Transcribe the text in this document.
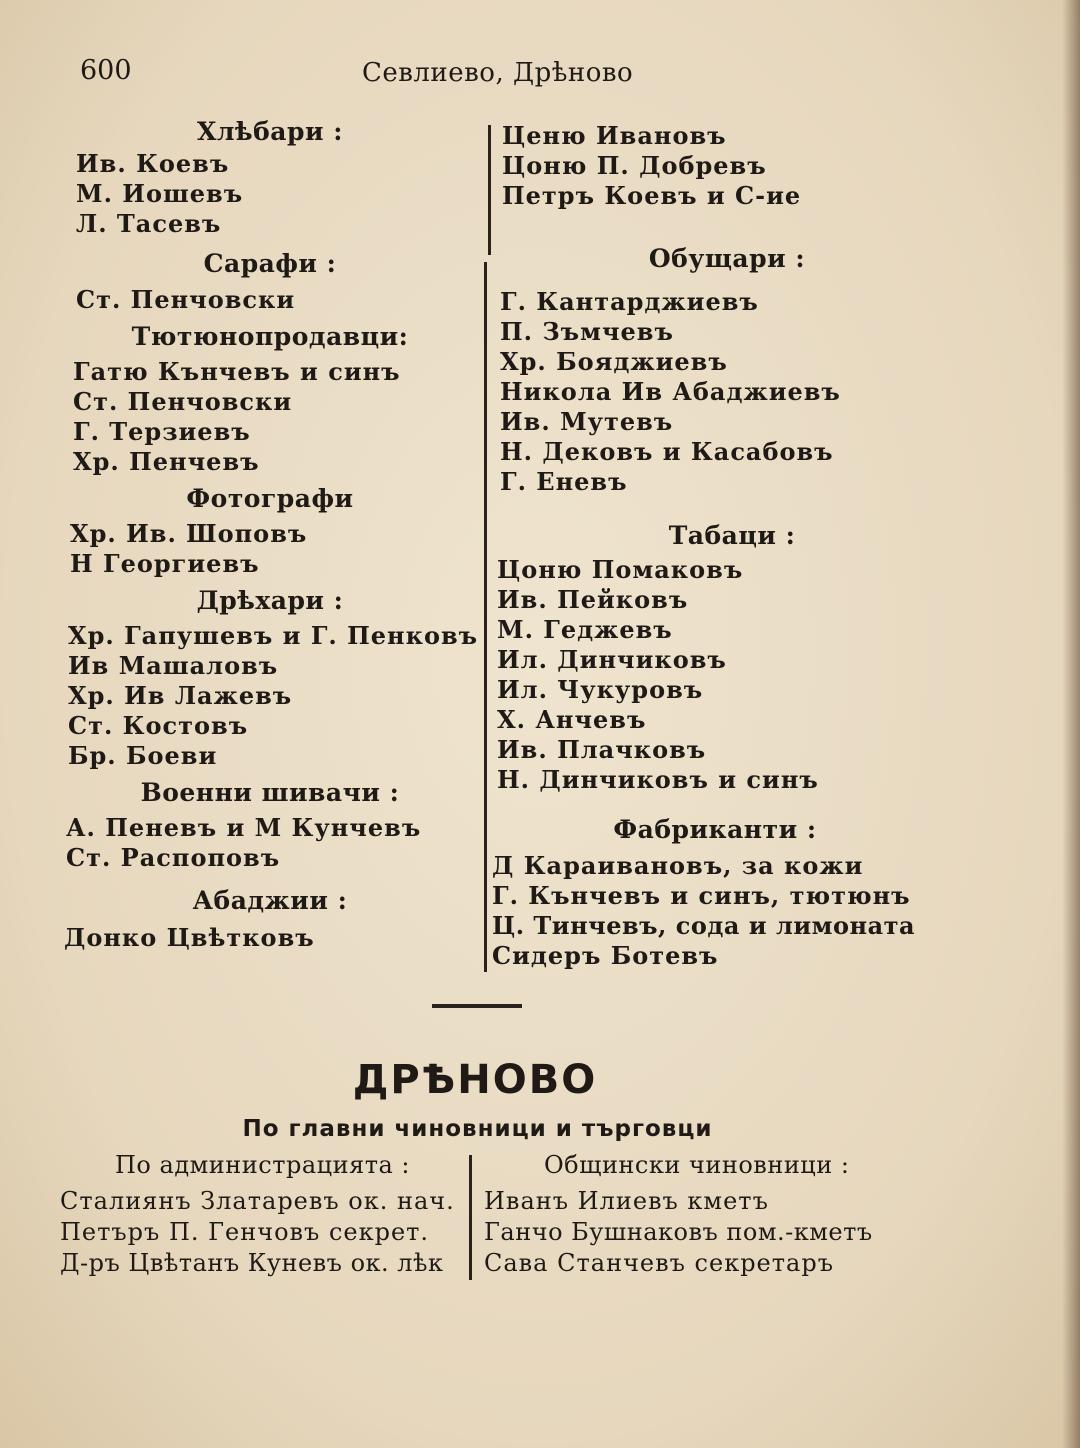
600	Севлиево, Дрѣново
Хлѣбари :
Ив. Коевъ
М. Иошевъ
Л. Тасевъ
Сарафи :
Ст. Пенчовски
Тютюнопродавци:
Гатю Кънчевъ и синъ
Ст. Пенчовски
Г. Терзиевъ
Хр. Пенчевъ
Фотографи
Хр. Ив. Шоповъ
Н Георгиевъ
Дрѣхари :
Хр. Гапушевъ и Г. Пенковъ
Ив Машаловъ
Хр. Ив Лажевъ
Ст. Костовъ
Бр. Боеви
Военни шивачи :
А. Пеневъ и М Кунчевъ
Ст. Распоповъ
Абаджии :
Донко Цвѣтковъ
Ценю Ивановъ
Цоню П. Добревъ
Петръ Коевъ и С-ие
Обущари :
Г. Кантарджиевъ
П. Зъмчевъ
Хр. Бояджиевъ
Никола Ив Абаджиевъ
Ив. Мутевъ
Н. Дековъ и Касабовъ
Г. Еневъ
Табаци :
Цоню Помаковъ
Ив. Пейковъ
М. Геджевъ
Ил. Динчиковъ
Ил. Чукуровъ
Х. Анчевъ
Ив. Плачковъ
Н. Динчиковъ и синъ
Фабриканти :
Д Караивановъ, за кожи
Г. Кънчевъ и синъ, тютюнъ
Ц. Тинчевъ, сода и лимоната
Сидеръ Ботевъ
ДРѢНОВО
По главни чиновници и търговци
По администрацията :
Сталиянъ Златаревъ ок. нач.
Петъръ П. Генчовъ секрет.
Д-ръ Цвѣтанъ Куневъ ок. лѣк
Общински чиновници :
Иванъ Илиевъ кметъ
Ганчо Бушнаковъ пом.-кметъ
Сава Станчевъ секретаръ
